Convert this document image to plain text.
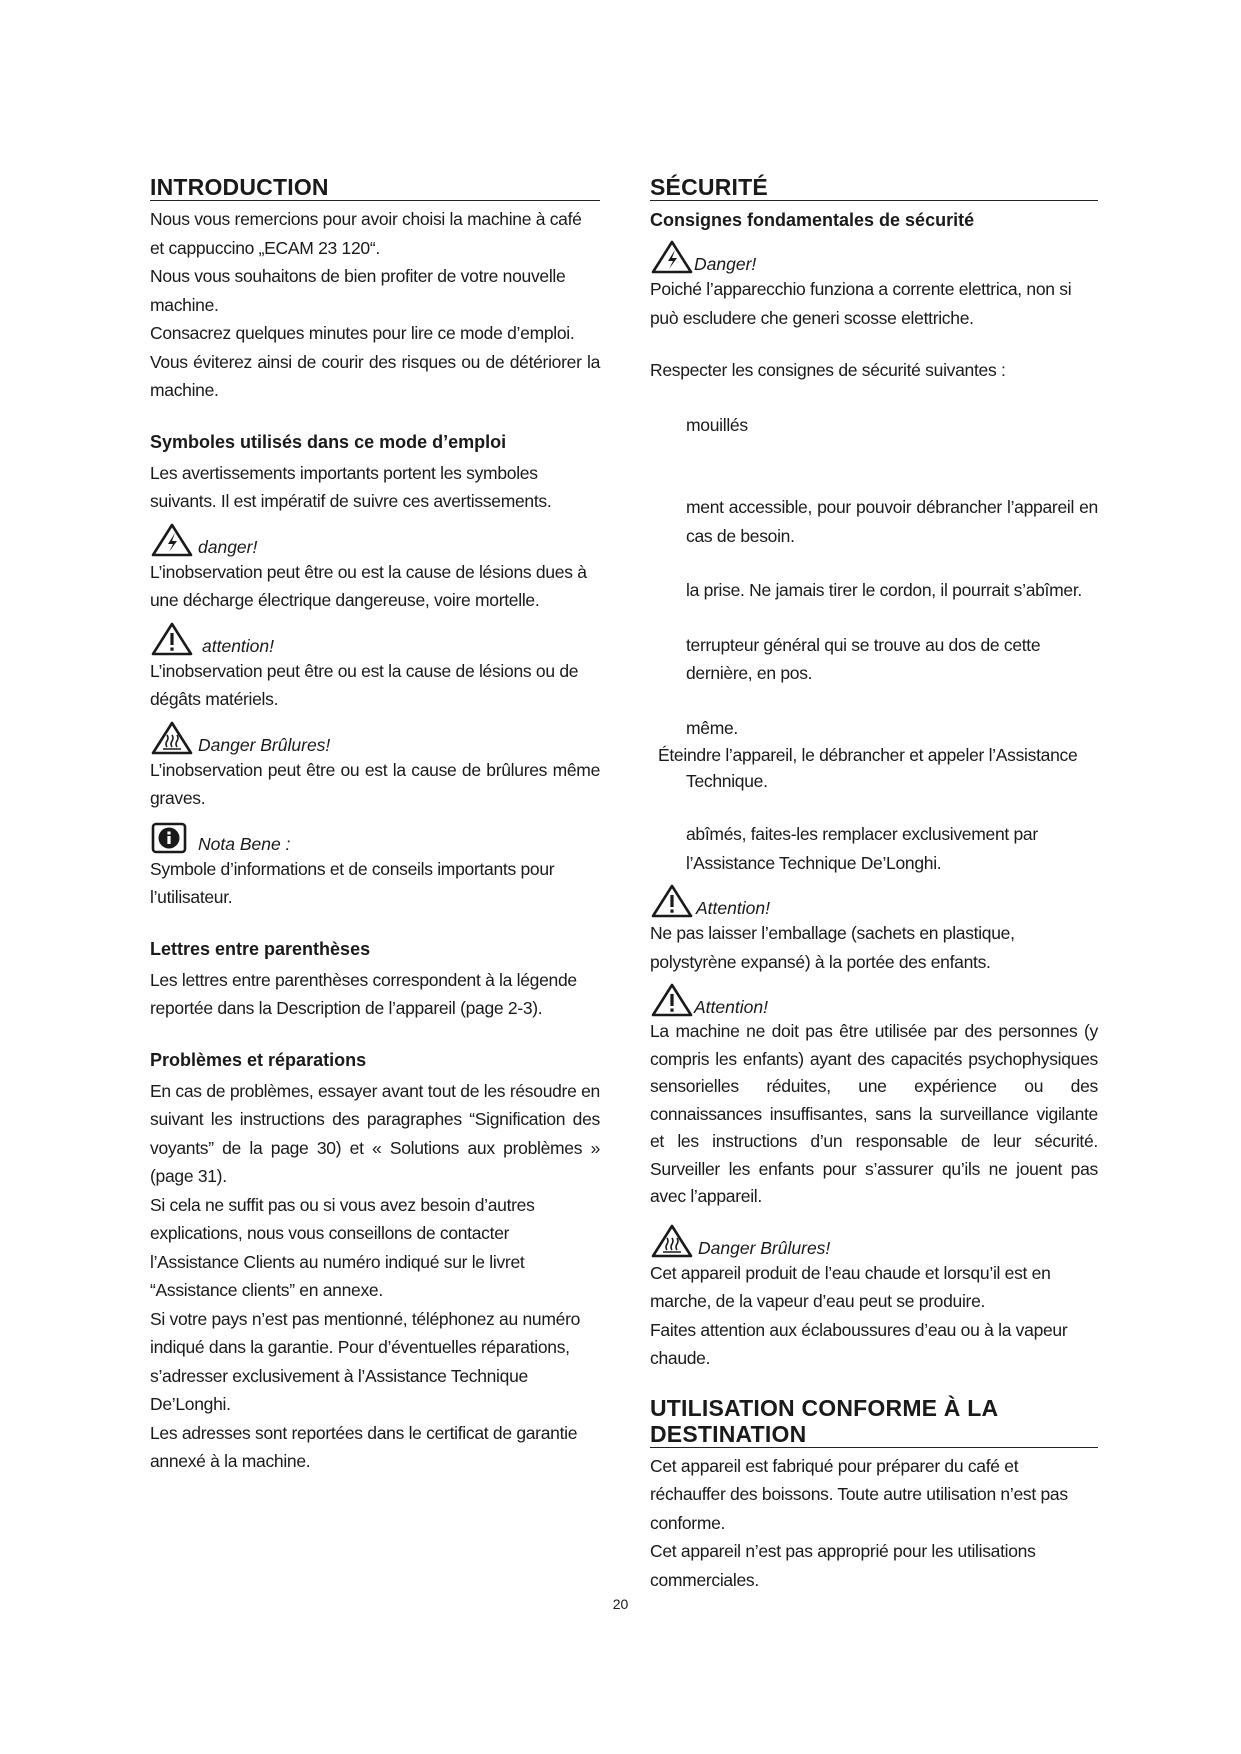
INTRODUCTION

Nous vous remercions pour avoir choisi la machine à café et cappuccino „ECAM 23 120“.

Nous vous souhaitons de bien profiter de votre nouvelle machine.

Consacrez quelques minutes pour lire ce mode d’emploi.

Vous éviterez ainsi de courir des risques ou de détériorer la machine.

Symboles utilisés dans ce mode d’emploi

Les avertissements importants portent les symboles suivants. Il est impératif de suivre ces avertissements.

danger!

L’inobservation peut être ou est la cause de lésions dues à une décharge électrique dangereuse, voire mortelle.

attention!

L’inobservation peut être ou est la cause de lésions ou de dégâts matériels.

Danger Brûlures!

L’inobservation peut être ou est la cause de brûlures même graves.

Nota Bene :

Symbole d’informations et de conseils importants pour l’utilisateur.

Lettres entre parenthèses

Les lettres entre parenthèses correspondent à la légende reportée dans la Description de l’appareil (page 2-3).

Problèmes et réparations

En cas de problèmes, essayer avant tout de les résoudre en suivant les instructions des paragraphes “Signification des voyants” de la page 30) et « Solutions aux problèmes » (page 31).

Si cela ne suffit pas ou si vous avez besoin d’autres explications, nous vous conseillons de contacter l’Assistance Clients au numéro indiqué sur le livret “Assistance clients” en annexe.

Si votre pays n’est pas mentionné, téléphonez au numéro indiqué dans la garantie. Pour d’éventuelles réparations, s’adresser exclusivement à l’Assistance Technique De’Longhi.

Les adresses sont reportées dans le certificat de garantie annexé à la machine.

SÉCURITÉ
Consignes fondamentales de sécurité
Danger!

Poiché l’apparecchio funziona a corrente elettrica, non si può escludere che generi scosse elettriche.

Respecter les consignes de sécurité suivantes :

mouillés

ment accessible, pour pouvoir débrancher l’appareil en cas de besoin.

la prise. Ne jamais tirer le cordon, il pourrait s’abîmer.

terrupteur général qui se trouve au dos de cette dernière, en pos.

même.

Éteindre l’appareil, le débrancher et appeler l’Assistance Technique.

abîmés, faites-les remplacer exclusivement par l’Assistance Technique De’Longhi.

Attention!

Ne pas laisser l’emballage (sachets en plastique, polystyrène expansé) à la portée des enfants.

Attention!

La machine ne doit pas être utilisée par des personnes (y compris les enfants) ayant des capacités psychophysiques sensorielles réduites, une expérience ou des connaissances insuffisantes, sans la surveillance vigilante et les instructions d’un responsable de leur sécurité. Surveiller les enfants pour s’assurer qu’ils ne jouent pas avec l’appareil.

Danger Brûlures!

Cet appareil produit de l’eau chaude et lorsqu’il est en marche, de la vapeur d’eau peut se produire.

Faites attention aux éclaboussures d’eau ou à la vapeur chaude.

UTILISATION CONFORME À LA DESTINATION

Cet appareil est fabriqué pour préparer du café et réchauffer des boissons. Toute autre utilisation n’est pas conforme.

Cet appareil n’est pas approprié pour les utilisations commerciales.

20
